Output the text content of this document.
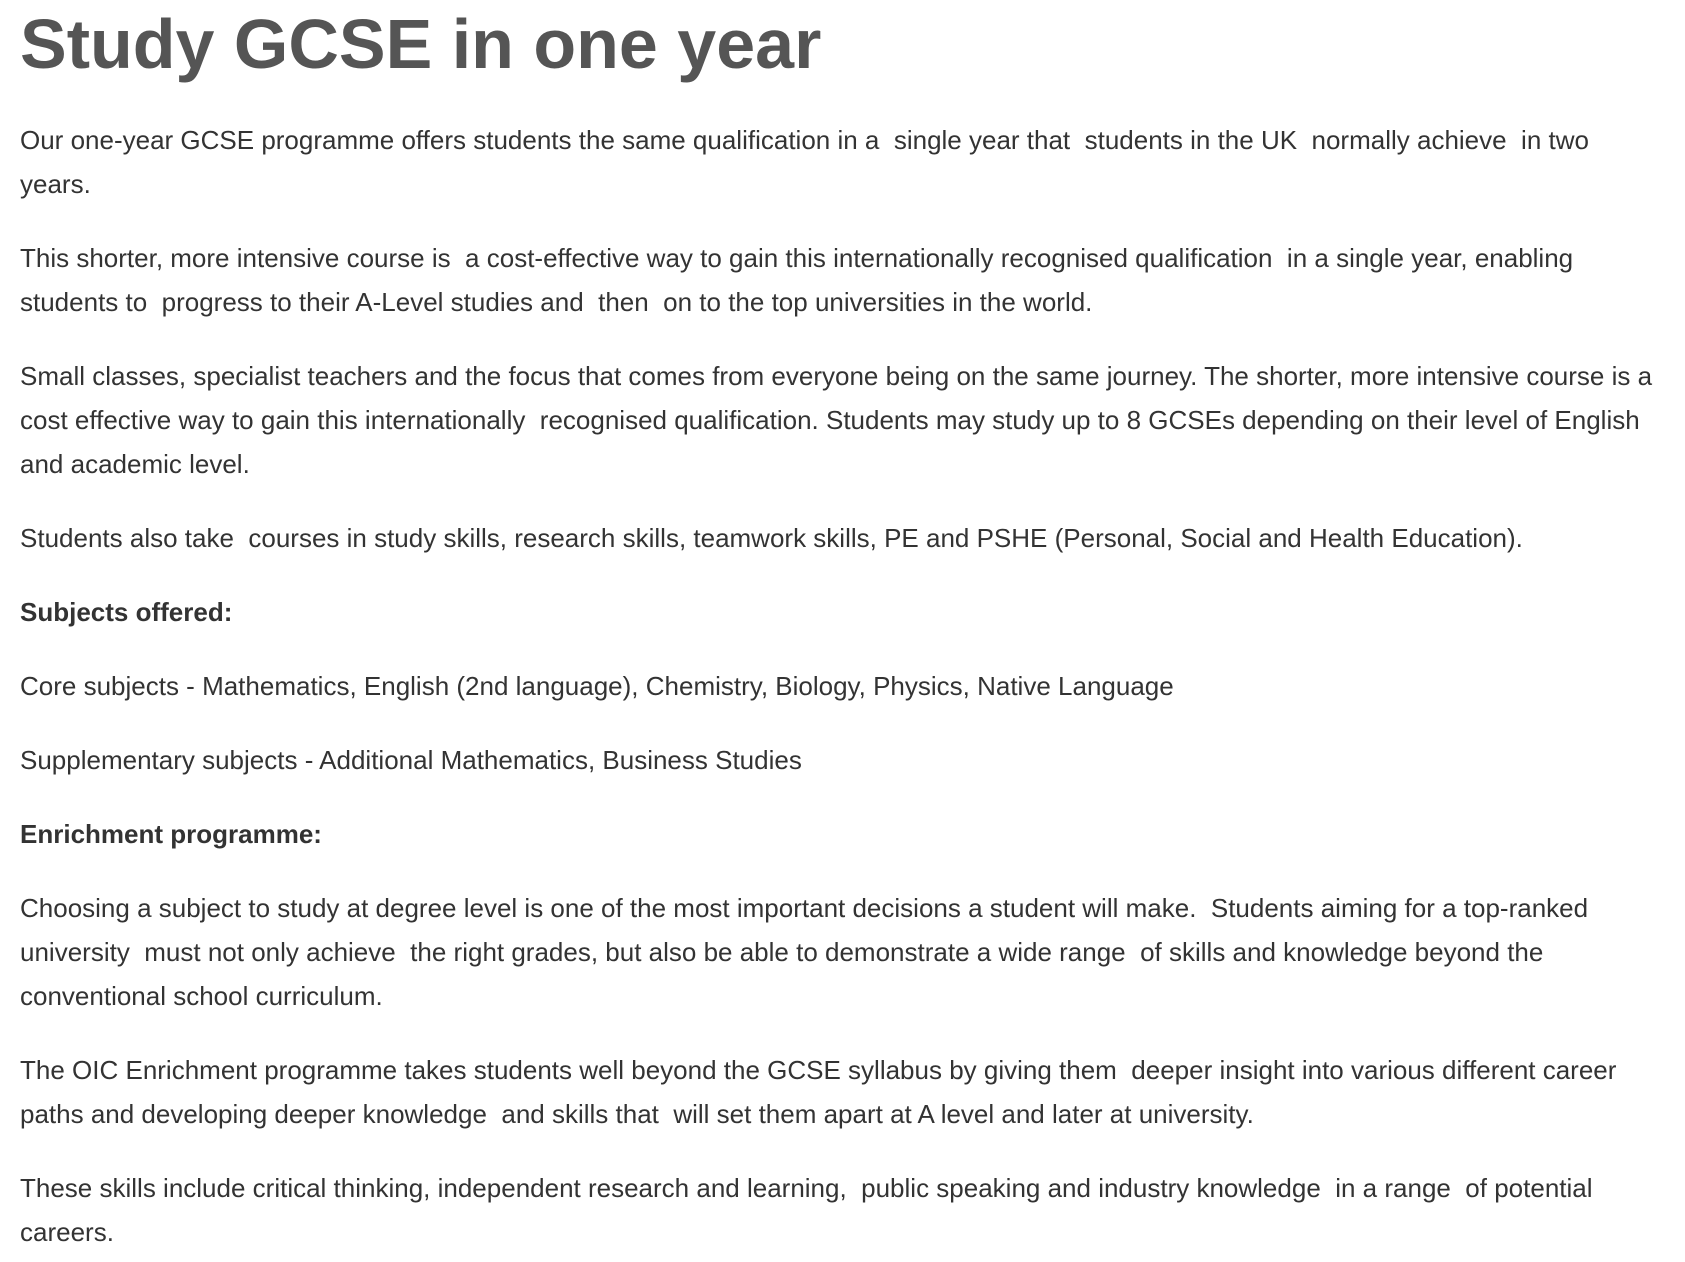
Study GCSE in one year

Our one-year GCSE programme offers students the same qualification in a  single year that  students in the UK  normally achieve  in two years.

This shorter, more intensive course is  a cost-effective way to gain this internationally recognised qualification  in a single year, enabling  students to  progress to their A-Level studies and  then  on to the top universities in the world.

Small classes, specialist teachers and the focus that comes from everyone being on the same journey. The shorter, more intensive course is a cost effective way to gain this internationally  recognised qualification. Students may study up to 8 GCSEs depending on their level of English and academic level.

Students also take  courses in study skills, research skills, teamwork skills, PE and PSHE (Personal, Social and Health Education).

Subjects offered:

Core subjects - Mathematics, English (2nd language), Chemistry, Biology, Physics, Native Language

Supplementary subjects - Additional Mathematics, Business Studies

Enrichment programme:

Choosing a subject to study at degree level is one of the most important decisions a student will make.  Students aiming for a top-ranked university  must not only achieve  the right grades, but also be able to demonstrate a wide range  of skills and knowledge beyond the conventional school curriculum.

The OIC Enrichment programme takes students well beyond the GCSE syllabus by giving them  deeper insight into various different career paths and developing deeper knowledge  and skills that  will set them apart at A level and later at university.

These skills include critical thinking, independent research and learning,  public speaking and industry knowledge  in a range  of potential careers.
